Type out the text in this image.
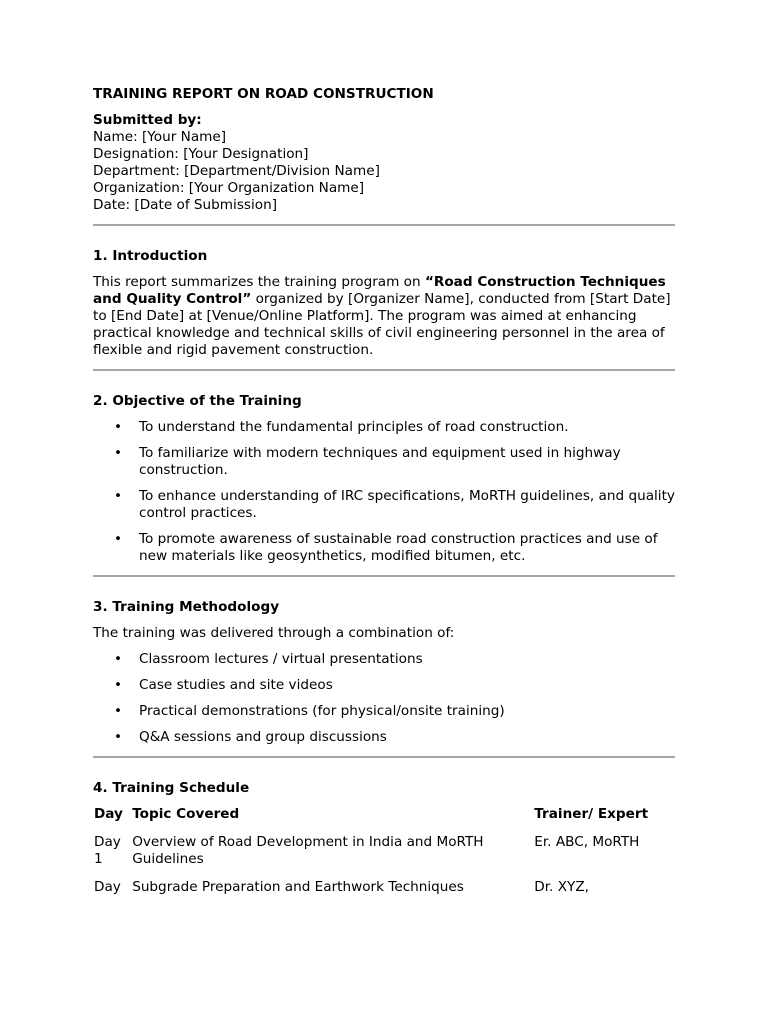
TRAINING REPORT ON ROAD CONSTRUCTION
Submitted by:
Name: [Your Name]
Designation: [Your Designation]
Department: [Department/Division Name]
Organization: [Your Organization Name]
Date: [Date of Submission]
1. Introduction

This report summarizes the training program on “Road Construction Techniques and Quality Control” organized by [Organizer Name], conducted from [Start Date] to [End Date] at [Venue/Online Platform]. The program was aimed at enhancing practical knowledge and technical skills of civil engineering personnel in the area of flexible and rigid pavement construction.

2. Objective of the Training
• To understand the fundamental principles of road construction.
• To familiarize with modern techniques and equipment used in highway construction.
• To enhance understanding of IRC specifications, MoRTH guidelines, and quality control practices.
• To promote awareness of sustainable road construction practices and use of new materials like geosynthetics, modified bitumen, etc.
3. Training Methodology

The training was delivered through a combination of:

• Classroom lectures / virtual presentations
• Case studies and site videos
• Practical demonstrations (for physical/onsite training)
• Q&A sessions and group discussions
4. Training Schedule
Day	Topic Covered	Trainer/ Expert
Day 1	Overview of Road Development in India and MoRTH Guidelines	Er. ABC, MoRTH
Day	Subgrade Preparation and Earthwork Techniques	Dr. XYZ,
